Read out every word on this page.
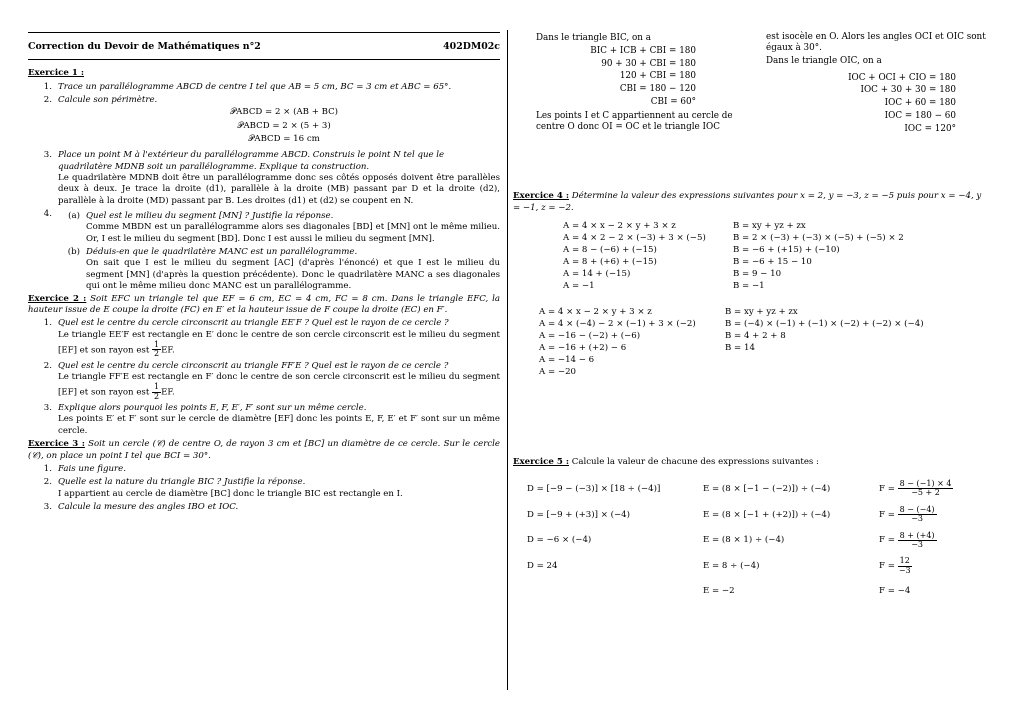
Correction du Devoir de Mathématiques n°2	402DM02c
Exercice 1 :
1. Trace un parallélogramme ABCD de centre I tel que AB = 5 cm, BC = 3 cm et ABC = 65°.
2. Calcule son périmètre.
𝒫ABCD = 2 × (AB + BC)
𝒫ABCD = 2 × (5 + 3)
𝒫ABCD = 16 cm
3. Place un point M à l'extérieur du parallélogramme ABCD. Construis le point N tel que le quadrilatère MDNB soit un parallélogramme. Explique ta construction.
Le quadrilatère MDNB doit être un parallélogramme donc ses côtés opposés doivent être parallèles deux à deux. Je trace la droite (d1), parallèle à la droite (MB) passant par D et la droite (d2), parallèle à la droite (MD) passant par B. Les droites (d1) et (d2) se coupent en N.
4.	(a) Quel est le milieu du segment [MN] ? Justifie la réponse.
Comme MBDN est un parallélogramme alors ses diagonales [BD] et [MN] ont le même milieu. Or, I est le milieu du segment [BD]. Donc I est aussi le milieu du segment [MN].
(b) Déduis-en que le quadrilatère MANC est un parallélogramme.
On sait que I est le milieu du segment [AC] (d'après l'énoncé) et que I est le milieu du segment [MN] (d'après la question précédente). Donc le quadrilatère MANC a ses diagonales qui ont le même milieu donc MANC est un parallélogramme.
Exercice 2 : Soit EFC un triangle tel que EF = 6 cm, EC = 4 cm, FC = 8 cm. Dans le triangle EFC, la hauteur issue de E coupe la droite (FC) en E′ et la hauteur issue de F coupe la droite (EC) en F′.
1. Quel est le centre du cercle circonscrit au triangle EE′F ? Quel est le rayon de ce cercle ?
Le triangle EE′F est rectangle en E′ donc le centre de son cercle circonscrit est le milieu du segment [EF] et son rayon est $\frac{1}{2}$ EF.
2. Quel est le centre du cercle circonscrit au triangle FF′E ? Quel est le rayon de ce cercle ?
Le triangle FF′E est rectangle en F′ donc le centre de son cercle circonscrit est le milieu du segment [EF] et son rayon est $\frac{1}{2}$ EF.
3. Explique alors pourquoi les points E, F, E′, F′ sont sur un même cercle.
Les points E′ et F′ sont sur le cercle de diamètre [EF] donc les points E, F, E′ et F′ sont sur un même cercle.
Exercice 3 : Soit un cercle (𝒞) de centre O, de rayon 3 cm et [BC] un diamètre de ce cercle. Sur le cercle (𝒞), on place un point I tel que BCI = 30°.
1. Fais une figure.
2. Quelle est la nature du triangle BIC ? Justifie la réponse.
I appartient au cercle de diamètre [BC] donc le triangle BIC est rectangle en I.
3. Calcule la mesure des angles IBO et IOC.
Dans le triangle BIC, on a
BIC + ICB + CBI = 180
90 + 30 + CBI = 180
120 + CBI = 180
CBI = 180 − 120
CBI = 60°
Les points I et C appartiennent au cercle de centre O donc OI = OC et le triangle IOC
est isocèle en O. Alors les angles OCI et OIC sont égaux à 30°.
Dans le triangle OIC, on a
IOC + OCI + CIO = 180
IOC + 30 + 30 = 180
IOC + 60 = 180
IOC = 180 − 60
IOC = 120°
Exercice 4 : Détermine la valeur des expressions suivantes pour x = 2, y = −3, z = −5 puis pour x = −4, y = −1, z = −2.
A = 4 × x − 2 × y + 3 × z
A = 4 × 2 − 2 × (−3) + 3 × (−5)
A = 8 − (−6) + (−15)
A = 8 + (+6) + (−15)
A = 14 + (−15)
A = −1
B = xy + yz + zx
B = 2 × (−3) + (−3) × (−5) + (−5) × 2
B = −6 + (+15) + (−10)
B = −6 + 15 − 10
B = 9 − 10
B = −1
A = 4 × x − 2 × y + 3 × z
A = 4 × (−4) − 2 × (−1) + 3 × (−2)
A = −16 − (−2) + (−6)
A = −16 + (+2) − 6
A = −14 − 6
A = −20
B = xy + yz + zx
B = (−4) × (−1) + (−1) × (−2) + (−2) × (−4)
B = 4 + 2 + 8
B = 14
Exercice 5 : Calcule la valeur de chacune des expressions suivantes :
D = [−9 − (−3)] × [18 ÷ (−4)]	E = (8 × [−1 − (−2)]) ÷ (−4)	F =
$\frac{8 - (-1) \times 4}{-5 + 2}$
D = [−9 + (+3)] × (−4)	E = (8 × [−1 + (+2)]) ÷ (−4)	F =
$\frac{8 - (-4)}{-3}$
D = −6 × (−4)	E = (8 × 1) ÷ (−4)	F =
$\frac{8 + (+4)}{-3}$
D = 24	E = 8 ÷ (−4)	F =
$\frac{12}{-3}$
E = −2	F = −4
